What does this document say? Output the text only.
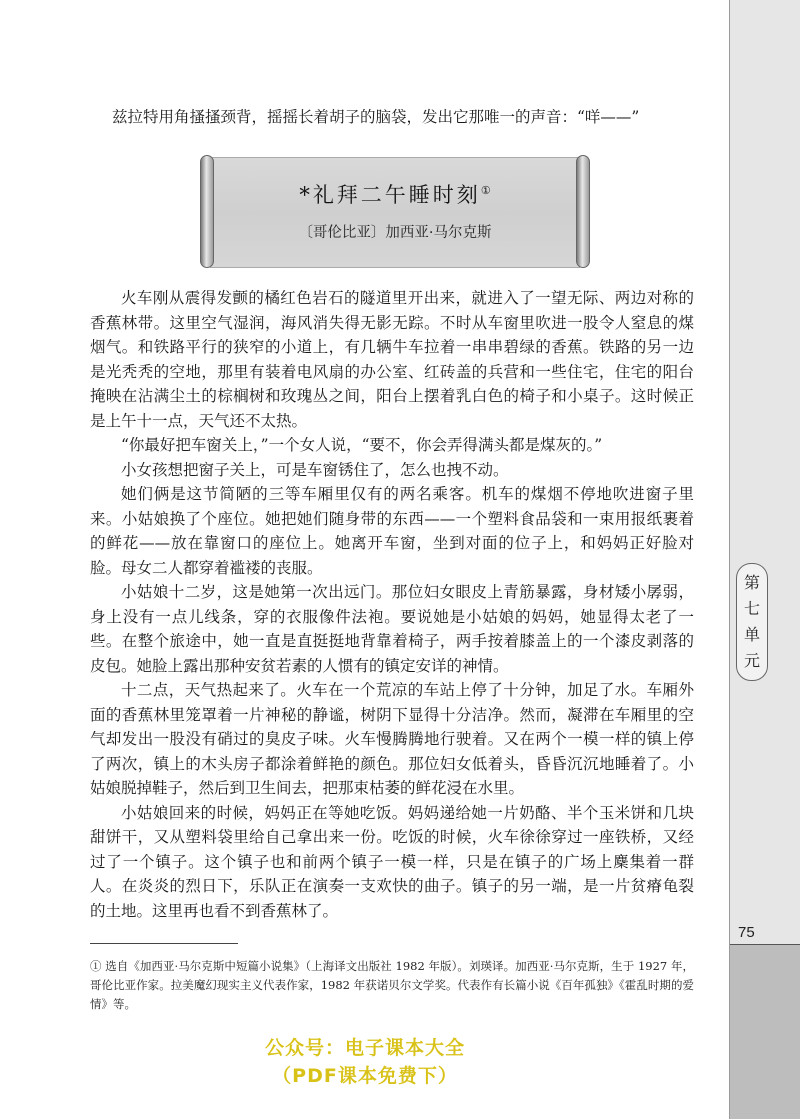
第
七
单
元
75
兹拉特用角搔搔颈背，摇摇长着胡子的脑袋，发出它那唯一的声音：“咩——”
*礼拜二午睡时刻①
〔哥伦比亚〕加西亚·马尔克斯

火车刚从震得发颤的橘红色岩石的隧道里开出来，就进入了一望无际、两边对称的香蕉林带。这里空气湿润，海风消失得无影无踪。不时从车窗里吹进一股令人窒息的煤烟气。和铁路平行的狭窄的小道上，有几辆牛车拉着一串串碧绿的香蕉。铁路的另一边是光秃秃的空地，那里有装着电风扇的办公室、红砖盖的兵营和一些住宅，住宅的阳台掩映在沾满尘土的棕榈树和玫瑰丛之间，阳台上摆着乳白色的椅子和小桌子。这时候正是上午十一点，天气还不太热。

“你最好把车窗关上，”一个女人说，“要不，你会弄得满头都是煤灰的。”

小女孩想把窗子关上，可是车窗锈住了，怎么也拽不动。

她们俩是这节简陋的三等车厢里仅有的两名乘客。机车的煤烟不停地吹进窗子里来。小姑娘换了个座位。她把她们随身带的东西——一个塑料食品袋和一束用报纸裹着的鲜花——放在靠窗口的座位上。她离开车窗，坐到对面的位子上，和妈妈正好脸对脸。母女二人都穿着褴褛的丧服。

小姑娘十二岁，这是她第一次出远门。那位妇女眼皮上青筋暴露，身材矮小孱弱，身上没有一点儿线条，穿的衣服像件法袍。要说她是小姑娘的妈妈，她显得太老了一些。在整个旅途中，她一直是直挺挺地背靠着椅子，两手按着膝盖上的一个漆皮剥落的皮包。她脸上露出那种安贫若素的人惯有的镇定安详的神情。

十二点，天气热起来了。火车在一个荒凉的车站上停了十分钟，加足了水。车厢外面的香蕉林里笼罩着一片神秘的静谧，树阴下显得十分洁净。然而，凝滞在车厢里的空气却发出一股没有硝过的臭皮子味。火车慢腾腾地行驶着。又在两个一模一样的镇上停了两次，镇上的木头房子都涂着鲜艳的颜色。那位妇女低着头，昏昏沉沉地睡着了。小姑娘脱掉鞋子，然后到卫生间去，把那束枯萎的鲜花浸在水里。

小姑娘回来的时候，妈妈正在等她吃饭。妈妈递给她一片奶酪、半个玉米饼和几块甜饼干，又从塑料袋里给自己拿出来一份。吃饭的时候，火车徐徐穿过一座铁桥，又经过了一个镇子。这个镇子也和前两个镇子一模一样，只是在镇子的广场上麇集着一群人。在炎炎的烈日下，乐队正在演奏一支欢快的曲子。镇子的另一端，是一片贫瘠龟裂的土地。这里再也看不到香蕉林了。

① 选自《加西亚·马尔克斯中短篇小说集》（上海译文出版社 1982 年版）。刘瑛译。加西亚·马尔克斯，生于 1927 年，哥伦比亚作家。拉美魔幻现实主义代表作家，1982 年获诺贝尔文学奖。代表作有长篇小说《百年孤独》《霍乱时期的爱情》等。
公众号：电子课本大全
（PDF课本免费下）
